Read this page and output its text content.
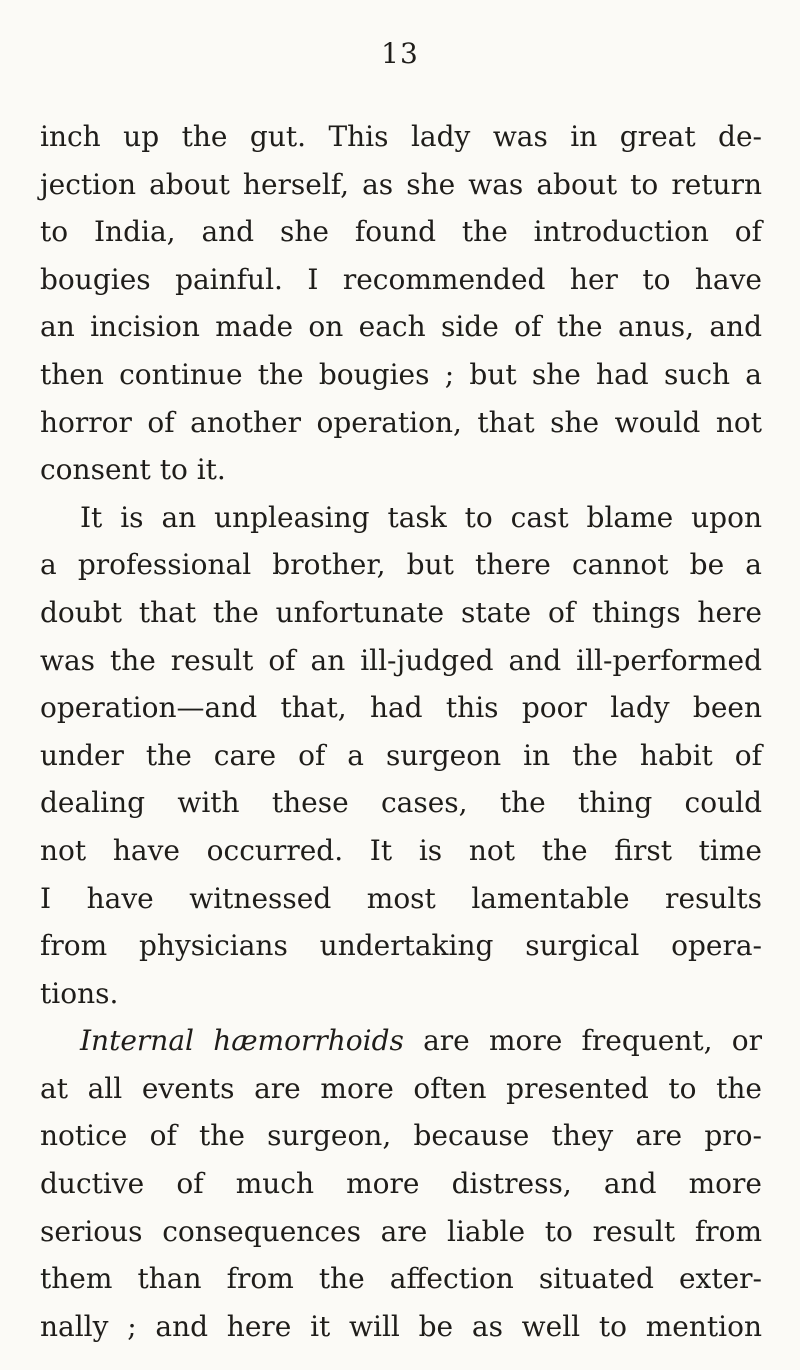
13
inch up the gut. This lady was in great de-
jection about herself, as she was about to return
to India, and she found the introduction of
bougies painful. I recommended her to have
an incision made on each side of the anus, and
then continue the bougies ; but she had such a
horror of another operation, that she would not
consent to it.
It is an unpleasing task to cast blame upon
a professional brother, but there cannot be a
doubt that the unfortunate state of things here
was the result of an ill-judged and ill-performed
operation—and that, had this poor lady been
under the care of a surgeon in the habit of
dealing with these cases, the thing could
not have occurred. It is not the first time
I have witnessed most lamentable results
from physicians undertaking surgical opera-
tions.
Internal hæmorrhoids are more frequent, or
at all events are more often presented to the
notice of the surgeon, because they are pro-
ductive of much more distress, and more
serious consequences are liable to result from
them than from the affection situated exter-
nally ; and here it will be as well to mention
